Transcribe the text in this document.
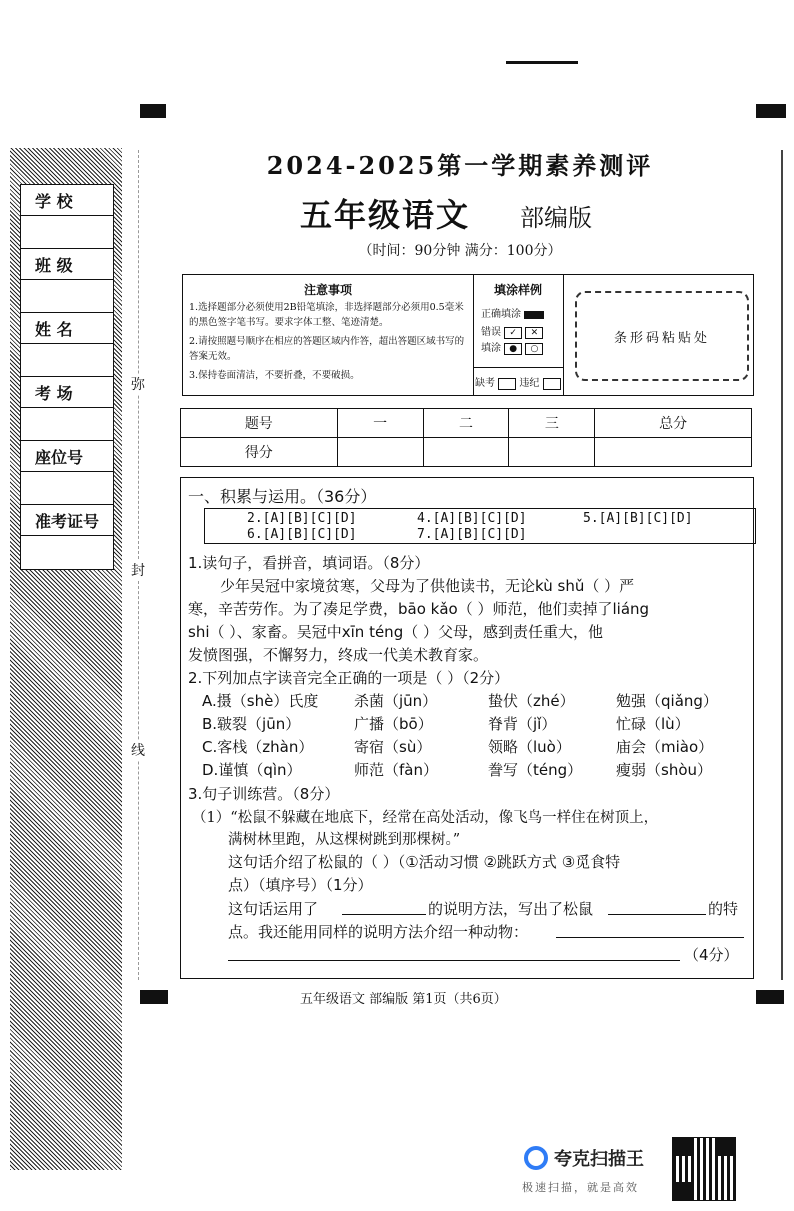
学 校
班 级
姓 名
考 场
座位号
准考证号
弥
封
线
2024-2025第一学期素养测评
五年级语文 部编版
（时间：90分钟 满分：100分）
注意事项
1.选择题部分必须使用2B铅笔填涂，非选择题部分必须用0.5毫米的黑色签字笔书写。要求字体工整、笔迹清楚。
2.请按照题号顺序在相应的答题区域内作答，超出答题区域书写的答案无效。
3.保持卷面清洁，不要折叠，不要破损。
填涂样例
正确填涂
错误 ✓ ✕
填涂 ● ○
缺考 违纪
条形码粘贴处
题号	一	二	三	总分
得分				
一、积累与运用。（36分）
2.[A][B][C][D]	4.[A][B][C][D]	5.[A][B][C][D]
6.[A][B][C][D]	7.[A][B][C][D]
1.读句子，看拼音，填词语。（8分）
少年吴冠中家境贫寒，父母为了供他读书，无论kù shǔ（ ）严
寒，辛苦劳作。为了凑足学费，bāo kǎo（ ）师范，他们卖掉了liáng
shi（ ）、家畜。吴冠中xīn téng（ ）父母，感到责任重大，他
发愤图强，不懈努力，终成一代美术教育家。
2.下列加点字读音完全正确的一项是（ ）（2分）
A.摄（shè）氏度 杀菌（jūn）	蛰伏（zhé）	勉强（qiǎng）
B.皲裂（jūn）	广播（bō）	脊背（jǐ）	忙碌（lù）
C.客栈（zhàn）	寄宿（sù）	领略（luò）	庙会（miào）
D.谨慎（qìn）	师范（fàn）	誊写（téng） 瘦弱（shòu）
3.句子训练营。（8分）
（1）“松鼠不躲藏在地底下，经常在高处活动，像飞鸟一样住在树顶上，
满树林里跑，从这棵树跳到那棵树。”
这句话介绍了松鼠的（ ）（①活动习惯 ②跳跃方式 ③觅食特
点）（填序号）（1分）
这句话运用了	的说明方法，写出了松鼠	的特
点。我还能用同样的说明方法介绍一种动物：
（4分）
五年级语文 部编版 第1页（共6页）
夸克扫描王
极速扫描，就是高效
